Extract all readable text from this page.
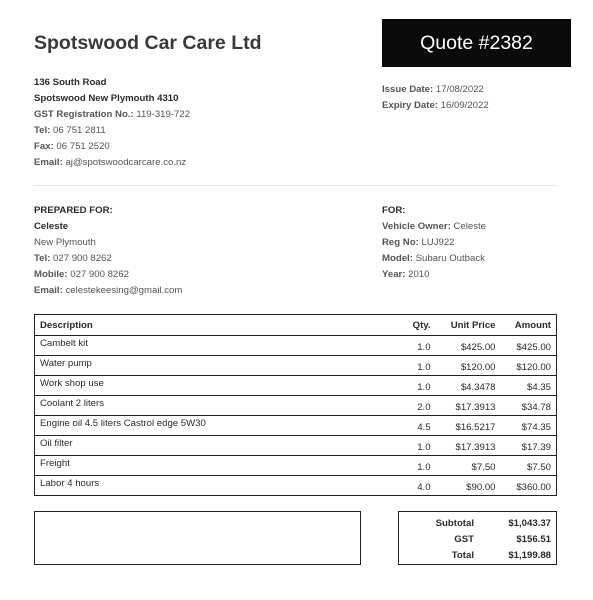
Spotswood Car Care Ltd	Quote #2382
136 South Road
Spotswood New Plymouth 4310
GST Registration No.: 119-319-722
Tel: 06 751 2811
Fax: 06 751 2520
Email: aj@spotswoodcarcare.co.nz
Issue Date: 17/08/2022
Expiry Date: 16/09/2022
PREPARED FOR:
Celeste
New Plymouth
Tel: 027 900 8262
Mobile: 027 900 8262
Email: celestekeesing@gmail.com
FOR:
Vehicle Owner: Celeste
Reg No: LUJ922
Model: Subaru Outback
Year: 2010
Description	Qty.	Unit Price	Amount
Cambelt kit	1.0	$425.00	$425.00
Water pump	1.0	$120.00	$120.00
Work shop use	1.0	$4.3478	$4.35
Coolant 2 liters	2.0	$17.3913	$34.78
Engine oil 4.5 liters Castrol edge 5W30	4.5	$16.5217	$74.35
Oil filter	1.0	$17.3913	$17.39
Freight	1.0	$7.50	$7.50
Labor 4 hours	4.0	$90.00	$360.00
Subtotal	$1,043.37
GST	$156.51
Total	$1,199.88
